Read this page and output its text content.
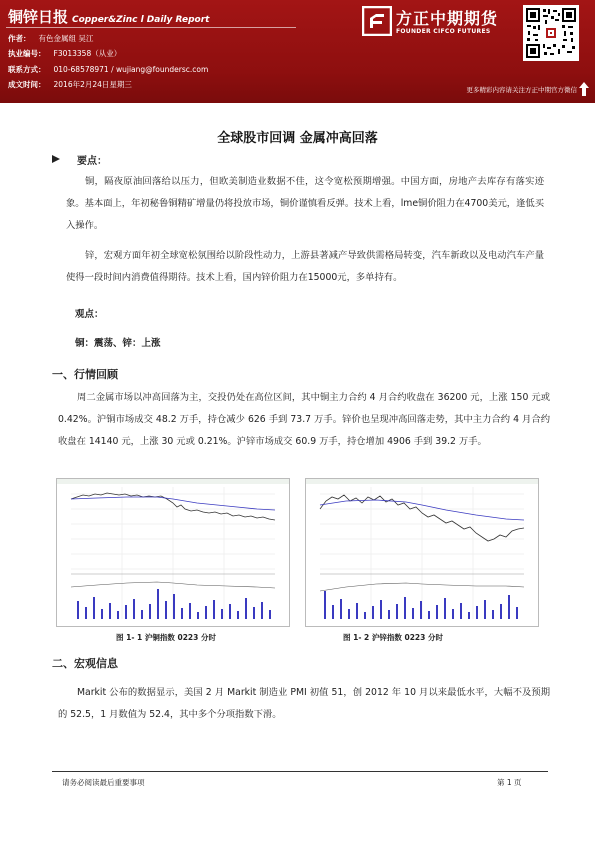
铜锌日报 Copper&Zinc l Daily Report
作者： 有色金属组 吴江
执业编号： F3013358（从业）
联系方式： 010-68578971 / wujiang@foundersc.com
成文时间： 2016年2月24日星期三
方正中期期货
FOUNDER CIFCO FUTURES
更多精彩内容请关注方正中期官方微信
全球股市回调 金属冲高回落
要点：

铜，隔夜原油回落给以压力，但欧美制造业数据不佳，这令宽松预期增强。中国方面，房地产去库存有落实迹象。基本面上，年初秘鲁铜精矿增量仍将投放市场，铜价谨慎看反弹。技术上看，lme铜价阻力在4700美元，逢低买入操作。

锌，宏观方面年初全球宽松氛围给以阶段性动力，上游县著减产导致供需格局转变，汽车新政以及电动汽车产量使得一段时间内消费值得期待。技术上看，国内锌价阻力在15000元，多单持有。

观点：
铜：震荡、锌：上涨
一、行情回顾

周二金属市场以冲高回落为主，交投仍处在高位区间，其中铜主力合约 4 月合约收盘在 36200 元，上涨 150 元或 0.42%。沪铜市场成交 48.2 万手，持仓减少 626 手到 73.7 万手。锌价也呈现冲高回落走势，其中主力合约 4 月合约收盘在 14140 元，上涨 30 元或 0.21%。沪锌市场成交 60.9 万手，持仓增加 4906 手到 39.2 万手。

图 1- 1 沪铜指数 0223 分时	图 1- 2 沪锌指数 0223 分时
二、宏观信息

Markit 公布的数据显示，美国 2 月 Markit 制造业 PMI 初值 51，创 2012 年 10 月以来最低水平，大幅不及预期的 52.5，1 月数值为 52.4，其中多个分项指数下滑。

请务必阅读最后重要事项	第 1 页
